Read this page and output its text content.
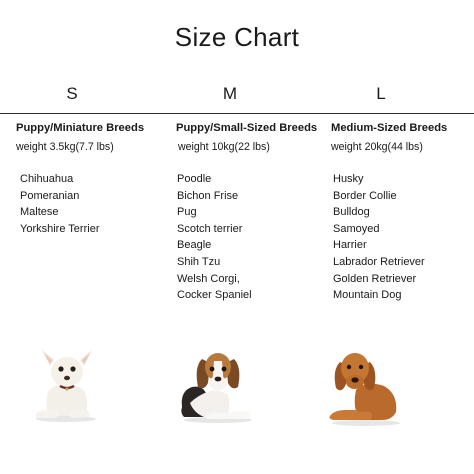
Size Chart
S	M	L
Puppy/Miniature Breeds
weight 3.5kg(7.7 lbs)
Chihuahua
Pomeranian
Maltese
Yorkshire Terrier
Puppy/Small-Sized Breeds
weight 10kg(22 lbs)
Poodle
Bichon Frise
Pug
Scotch terrier
Beagle
Shih Tzu
Welsh Corgi,
Cocker Spaniel
Medium-Sized Breeds
weight 20kg(44 lbs)
Husky
Border Collie
Bulldog
Samoyed
Harrier
Labrador Retriever
Golden Retriever
Mountain Dog
